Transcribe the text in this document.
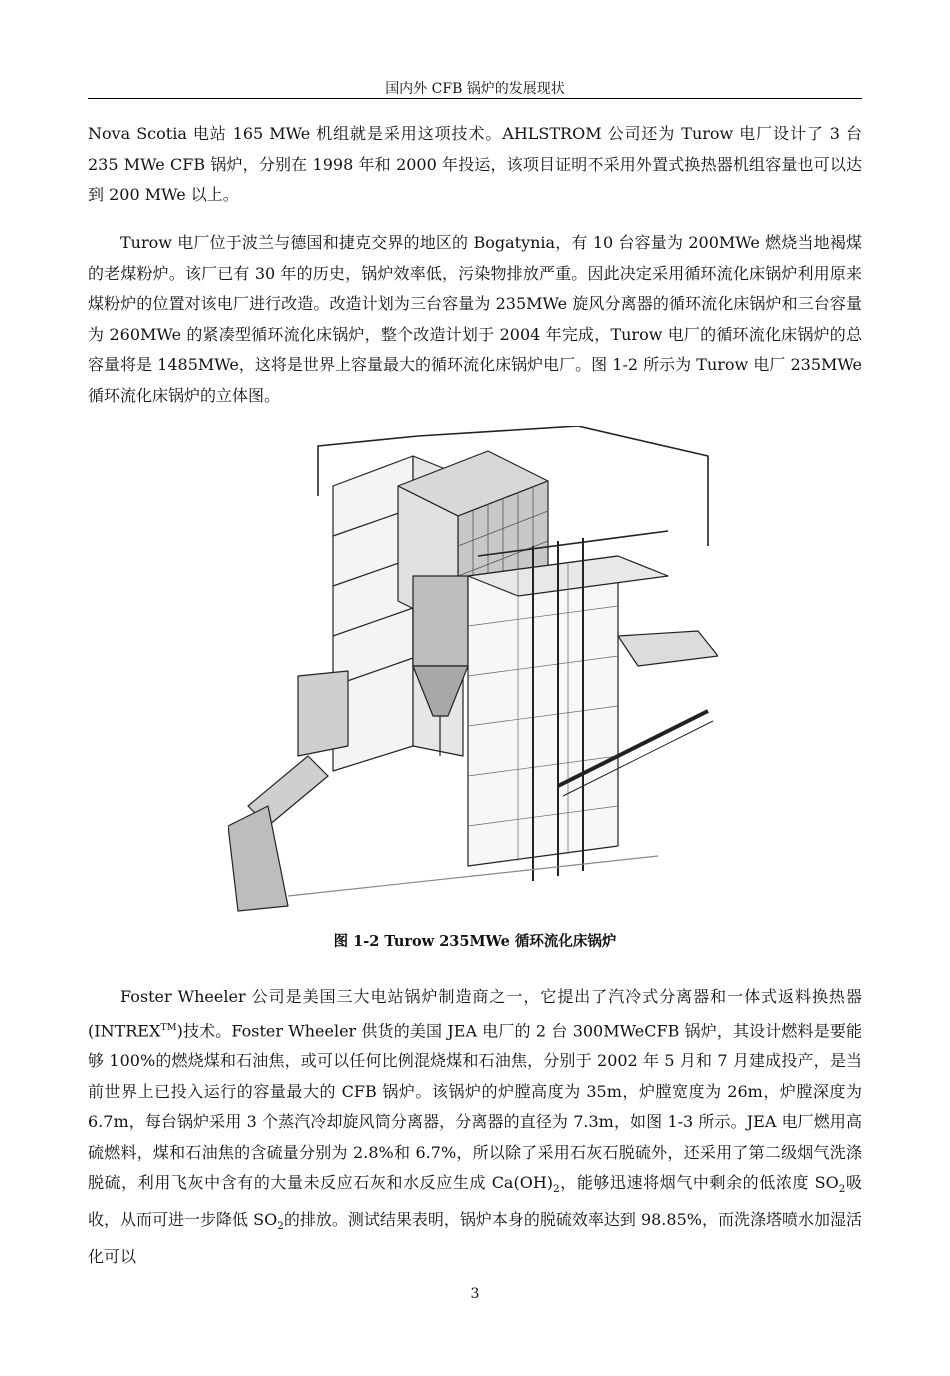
国内外 CFB 锅炉的发展现状

Nova Scotia 电站 165 MWe 机组就是采用这项技术。AHLSTROM 公司还为 Turow 电厂设计了 3 台 235 MWe CFB 锅炉，分别在 1998 年和 2000 年投运，该项目证明不采用外置式换热器机组容量也可以达到 200 MWe 以上。

Turow 电厂位于波兰与德国和捷克交界的地区的 Bogatynia，有 10 台容量为 200MWe 燃烧当地褐煤的老煤粉炉。该厂已有 30 年的历史，锅炉效率低，污染物排放严重。因此决定采用循环流化床锅炉利用原来煤粉炉的位置对该电厂进行改造。改造计划为三台容量为 235MWe 旋风分离器的循环流化床锅炉和三台容量为 260MWe 的紧凑型循环流化床锅炉，整个改造计划于 2004 年完成，Turow 电厂的循环流化床锅炉的总容量将是 1485MWe，这将是世界上容量最大的循环流化床锅炉电厂。图 1-2 所示为 Turow 电厂 235MWe 循环流化床锅炉的立体图。

图 1-2 Turow 235MWe 循环流化床锅炉

Foster Wheeler 公司是美国三大电站锅炉制造商之一，它提出了汽冷式分离器和一体式返料换热器(INTREX™)技术。Foster Wheeler 供货的美国 JEA 电厂的 2 台 300MWeCFB 锅炉，其设计燃料是要能够 100%的燃烧煤和石油焦，或可以任何比例混烧煤和石油焦，分别于 2002 年 5 月和 7 月建成投产，是当前世界上已投入运行的容量最大的 CFB 锅炉。该锅炉的炉膛高度为 35m，炉膛宽度为 26m，炉膛深度为 6.7m，每台锅炉采用 3 个蒸汽冷却旋风筒分离器，分离器的直径为 7.3m，如图 1-3 所示。JEA 电厂燃用高硫燃料，煤和石油焦的含硫量分别为 2.8%和 6.7%，所以除了采用石灰石脱硫外，还采用了第二级烟气洗涤脱硫，利用飞灰中含有的大量未反应石灰和水反应生成 $Ca(OH)_2$，能够迅速将烟气中剩余的低浓度 $SO_2$吸收，从而可进一步降低 $SO_2$的排放。测试结果表明，锅炉本身的脱硫效率达到 98.85%，而洗涤塔喷水加湿活化可以

3
